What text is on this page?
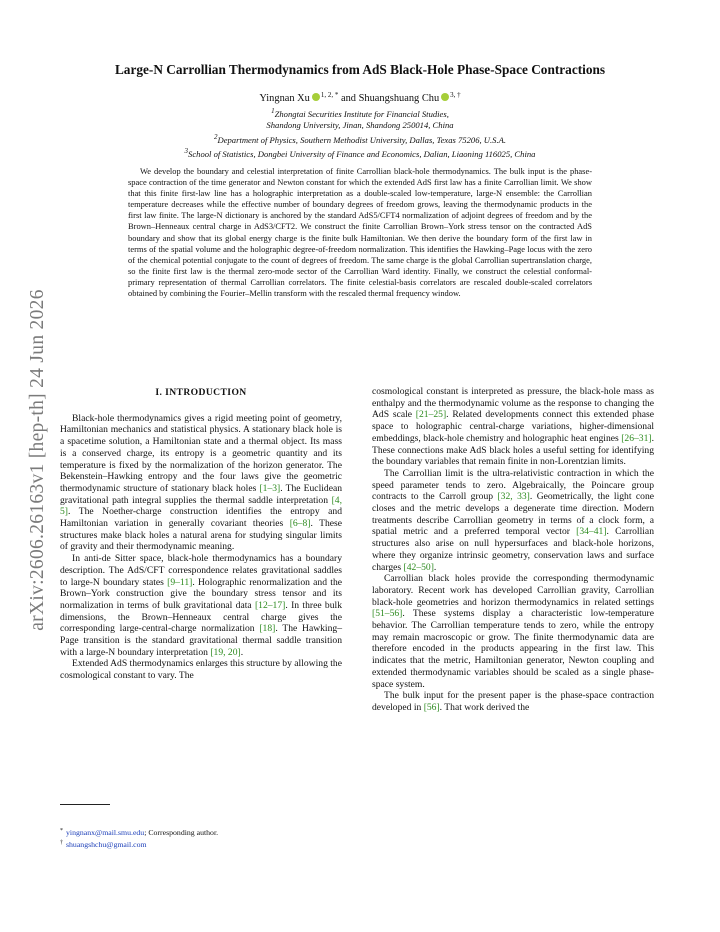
arXiv:2606.26163v1 [hep-th] 24 Jun 2026
Large-N Carrollian Thermodynamics from AdS Black-Hole Phase-Space Contractions
Yingnan Xu $^{1, 2, *}$ and Shuangshuang Chu $^{3, \dagger}$
$^1$Zhongtai Securities Institute for Financial Studies,
Shandong University, Jinan, Shandong 250014, China
$^2$Department of Physics, Southern Methodist University, Dallas, Texas 75206, U.S.A.
$^3$School of Statistics, Dongbei University of Finance and Economics, Dalian, Liaoning 116025, China

We develop the boundary and celestial interpretation of finite Carrollian black-hole thermodynamics. The bulk input is the phase-space contraction of the time generator and Newton constant for which the extended AdS first law has a finite Carrollian limit. We show that this finite first-law line has a holographic interpretation as a double-scaled low-temperature, large-N ensemble: the Carrollian temperature decreases while the effective number of boundary degrees of freedom grows, leaving the thermodynamic products in the first law finite. The large-N dictionary is anchored by the standard AdS5/CFT4 normalization of adjoint degrees of freedom and by the Brown–Henneaux central charge in AdS3/CFT2. We construct the finite Carrollian Brown–York stress tensor on the contracted AdS boundary and show that its global energy charge is the finite bulk Hamiltonian. We then derive the boundary form of the first law in terms of the spatial volume and the holographic degree-of-freedom normalization. This identifies the Hawking–Page locus with the zero of the chemical potential conjugate to the count of degrees of freedom. The same charge is the global Carrollian supertranslation charge, so the finite first law is the thermal zero-mode sector of the Carrollian Ward identity. Finally, we construct the celestial conformal-primary representation of thermal Carrollian correlators. The finite celestial-basis correlators are rescaled double-scaled correlators obtained by combining the Fourier–Mellin transform with the rescaled thermal frequency window.

I. INTRODUCTION

Black-hole thermodynamics gives a rigid meeting point of geometry, Hamiltonian mechanics and statistical physics. A stationary black hole is a spacetime solution, a Hamiltonian state and a thermal object. Its mass is a conserved charge, its entropy is a geometric quantity and its temperature is fixed by the normalization of the horizon generator. The Bekenstein–Hawking entropy and the four laws give the geometric thermodynamic structure of stationary black holes [1–3]. The Euclidean gravitational path integral supplies the thermal saddle interpretation [4, 5]. The Noether-charge construction identifies the entropy and Hamiltonian variation in generally covariant theories [6–8]. These structures make black holes a natural arena for studying singular limits of gravity and their thermodynamic meaning.

In anti-de Sitter space, black-hole thermodynamics has a boundary description. The AdS/CFT correspondence relates gravitational saddles to large-N boundary states [9–11]. Holographic renormalization and the Brown–York construction give the boundary stress tensor and its normalization in terms of bulk gravitational data [12–17]. In three bulk dimensions, the Brown–Henneaux central charge gives the corresponding large-central-charge normalization [18]. The Hawking–Page transition is the standard gravitational thermal saddle transition with a large-N boundary interpretation [19, 20].

Extended AdS thermodynamics enlarges this structure by allowing the cosmological constant to vary. The

cosmological constant is interpreted as pressure, the black-hole mass as enthalpy and the thermodynamic volume as the response to changing the AdS scale [21–25]. Related developments connect this extended phase space to holographic central-charge variations, higher-dimensional embeddings, black-hole chemistry and holographic heat engines [26–31]. These connections make AdS black holes a useful setting for identifying the boundary variables that remain finite in non-Lorentzian limits.

The Carrollian limit is the ultra-relativistic contraction in which the speed parameter tends to zero. Algebraically, the Poincare group contracts to the Carroll group [32, 33]. Geometrically, the light cone closes and the metric develops a degenerate time direction. Modern treatments describe Carrollian geometry in terms of a clock form, a spatial metric and a preferred temporal vector [34–41]. Carrollian structures also arise on null hypersurfaces and black-hole horizons, where they organize intrinsic geometry, conservation laws and surface charges [42–50].

Carrollian black holes provide the corresponding thermodynamic laboratory. Recent work has developed Carrollian gravity, Carrollian black-hole geometries and horizon thermodynamics in related settings [51–56]. These systems display a characteristic low-temperature behavior. The Carrollian temperature tends to zero, while the entropy may remain macroscopic or grow. The finite thermodynamic data are therefore encoded in the products appearing in the first law. This indicates that the metric, Hamiltonian generator, Newton coupling and extended thermodynamic variables should be scaled as a single phase-space system.

The bulk input for the present paper is the phase-space contraction developed in [56]. That work derived the

* yingnanx@mail.smu.edu; Corresponding author.
† shuangshchu@gmail.com
